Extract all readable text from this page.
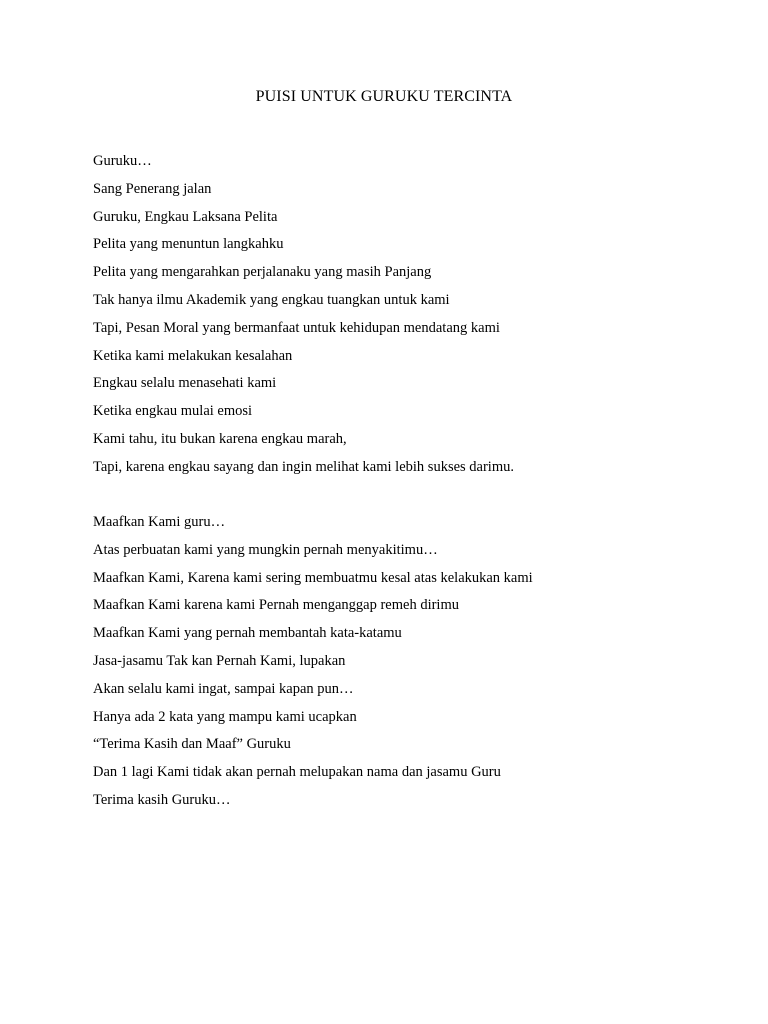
PUISI UNTUK GURUKU TERCINTA
Guruku…
Sang Penerang jalan
Guruku, Engkau Laksana Pelita
Pelita yang menuntun langkahku
Pelita yang mengarahkan perjalanaku yang masih Panjang
Tak hanya ilmu Akademik yang engkau tuangkan untuk kami
Tapi, Pesan Moral yang bermanfaat untuk kehidupan mendatang kami
Ketika kami melakukan kesalahan
Engkau selalu menasehati kami
Ketika engkau mulai emosi
Kami tahu, itu bukan karena engkau marah,
Tapi, karena engkau sayang dan ingin melihat kami lebih sukses darimu.
Maafkan Kami guru…
Atas perbuatan kami yang mungkin pernah menyakitimu…
Maafkan Kami, Karena kami sering membuatmu kesal atas kelakukan kami
Maafkan Kami karena kami Pernah menganggap remeh dirimu
Maafkan Kami yang pernah membantah kata-katamu
Jasa-jasamu Tak kan Pernah Kami, lupakan
Akan selalu kami ingat, sampai kapan pun…
Hanya ada 2 kata yang mampu kami ucapkan
“Terima Kasih dan Maaf” Guruku
Dan 1 lagi Kami tidak akan pernah melupakan nama dan jasamu Guru
Terima kasih Guruku…
